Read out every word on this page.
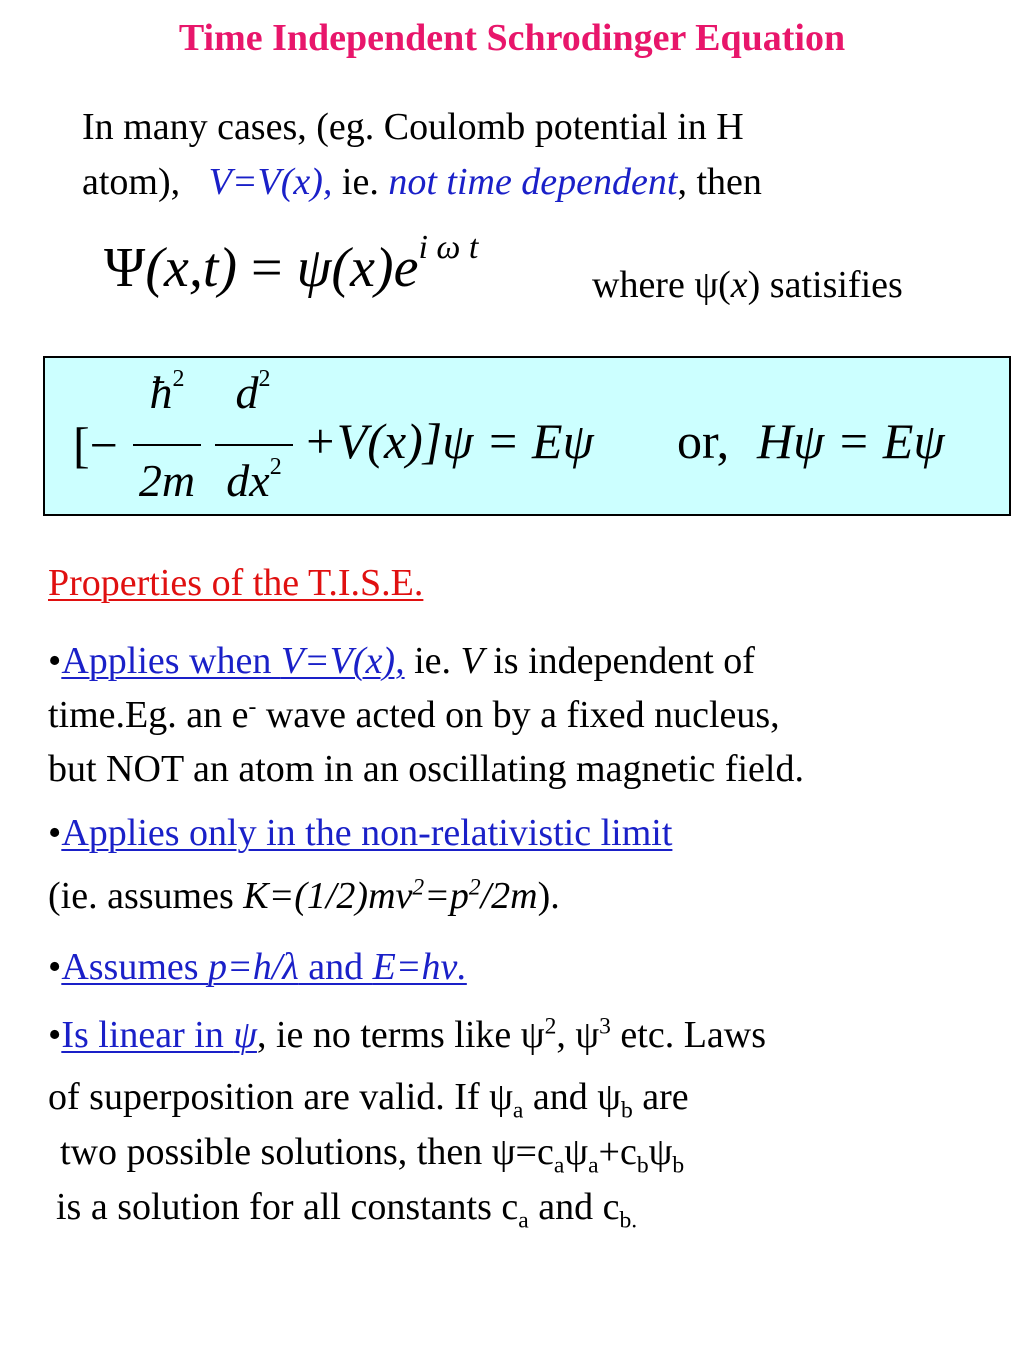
Time Independent Schrodinger Equation
In many cases, (eg. Coulomb potential in H
atom), V=V(x), ie. not time dependent, then
$\Psi(x,t) = \psi(x)e^{i \omega t}$
where ψ(x) satisifies
[−
$ħ^2$
2m
$d^2$
$dx^2 +V(x)]\psi = E\psi$ or, Hψ = Eψ
Properties of the T.I.S.E.
•Applies when V=V(x), ie. V is independent of
time.Eg. an e- wave acted on by a fixed nucleus,
but NOT an atom in an oscillating magnetic field.
•Applies only in the non-relativistic limit
(ie. assumes $K=(1/2)mv^2=p^2/2m$).
•Assumes p=h/λ and E=hν.
•Is linear in ψ, ie no terms like $\psi^2$, $\psi^3$ etc. Laws
of superposition are valid. If $\psi_a$ and $\psi_b$ are
two possible solutions, then $\psi=c_a\psi_a+c_b\psi_b$
is a solution for all constants $c_a$ and $c_{b.}$
